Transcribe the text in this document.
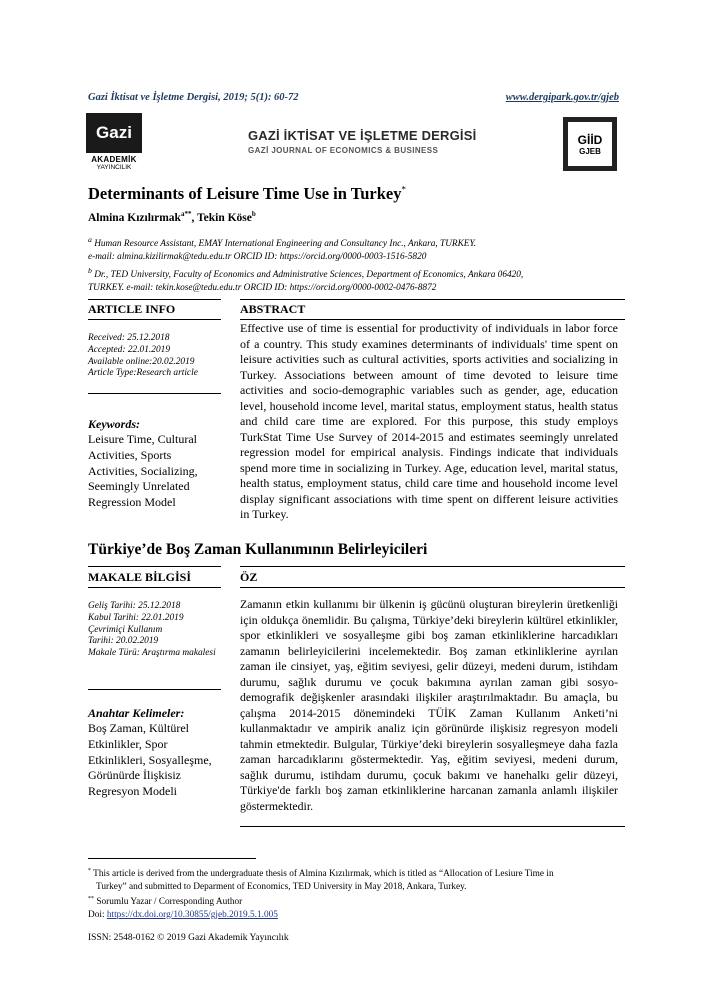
Gazi İktisat ve İşletme Dergisi, 2019; 5(1): 60-72	www.dergipark.gov.tr/gjeb
Gazi
AKADEMİK
YAYINCILIK
GAZİ İKTİSAT VE İŞLETME DERGİSİ
GAZİ JOURNAL OF ECONOMICS & BUSINESS
GİİD
GJEB
Determinants of Leisure Time Use in Turkey*
Almina Kızılırmak$^{a**}$, Tekin Köse$^b$
$^a$ Human Resource Assistant, EMAY International Engineering and Consultancy Inc., Ankara, TURKEY.
e-mail: almina.kizilirmak@tedu.edu.tr ORCID ID: https://orcid.org/0000-0003-1516-5820
$^b$ Dr., TED University, Faculty of Economics and Administrative Sciences, Department of Economics, Ankara 06420,
TURKEY. e-mail: tekin.kose@tedu.edu.tr ORCID ID: https://orcid.org/0000-0002-0476-8872
ARTICLE INFO	ABSTRACT
Received: 25.12.2018
Accepted: 22.01.2019
Available online:20.02.2019
Article Type:Research article
Keywords:
Leisure Time, Cultural Activities, Sports Activities, Socializing, Seemingly Unrelated Regression Model
Effective use of time is essential for productivity of individuals in labor force of a country. This study examines determinants of individuals' time spent on leisure activities such as cultural activities, sports activities and socializing in Turkey. Associations between amount of time devoted to leisure time activities and socio-demographic variables such as gender, age, education level, household income level, marital status, employment status, health status and child care time are explored. For this purpose, this study employs TurkStat Time Use Survey of 2014-2015 and estimates seemingly unrelated regression model for empirical analysis. Findings indicate that individuals spend more time in socializing in Turkey. Age, education level, marital status, health status, employment status, child care time and household income level display significant associations with time spent on different leisure activities in Turkey.
Türkiye’de Boş Zaman Kullanımının Belirleyicileri
MAKALE BİLGİSİ	ÖZ
Geliş Tarihi: 25.12.2018
Kabul Tarihi: 22.01.2019
Çevrimiçi Kullanım
Tarihi: 20.02.2019
Makale Türü: Araştırma makalesi
Anahtar Kelimeler:
Boş Zaman, Kültürel Etkinlikler, Spor Etkinlikleri, Sosyalleşme, Görünürde İlişkisiz Regresyon Modeli
Zamanın etkin kullanımı bir ülkenin iş gücünü oluşturan bireylerin üretkenliği için oldukça önemlidir. Bu çalışma, Türkiye’deki bireylerin kültürel etkinlikler, spor etkinlikleri ve sosyalleşme gibi boş zaman etkinliklerine harcadıkları zamanın belirleyicilerini incelemektedir. Boş zaman etkinliklerine ayrılan zaman ile cinsiyet, yaş, eğitim seviyesi, gelir düzeyi, medeni durum, istihdam durumu, sağlık durumu ve çocuk bakımına ayrılan zaman gibi sosyo-demografik değişkenler arasındaki ilişkiler araştırılmaktadır. Bu amaçla, bu çalışma 2014-2015 dönemindeki TÜİK Zaman Kullanım Anketi’ni kullanmaktadır ve ampirik analiz için görünürde ilişkisiz regresyon modeli tahmin etmektedir. Bulgular, Türkiye’deki bireylerin sosyalleşmeye daha fazla zaman harcadıklarını göstermektedir. Yaş, eğitim seviyesi, medeni durum, sağlık durumu, istihdam durumu, çocuk bakımı ve hanehalkı gelir düzeyi, Türkiye'de farklı boş zaman etkinliklerine harcanan zamanla anlamlı ilişkiler göstermektedir.
* This article is derived from the undergraduate thesis of Almina Kızılırmak, which is titled as “Allocation of Lesiure Time in
Turkey” and submitted to Deparment of Economics, TED University in May 2018, Ankara, Turkey.
** Sorumlu Yazar / Corresponding Author
Doi: https://dx.doi.org/10.30855/gjeb.2019.5.1.005
ISSN: 2548-0162 © 2019 Gazi Akademik Yayıncılık
